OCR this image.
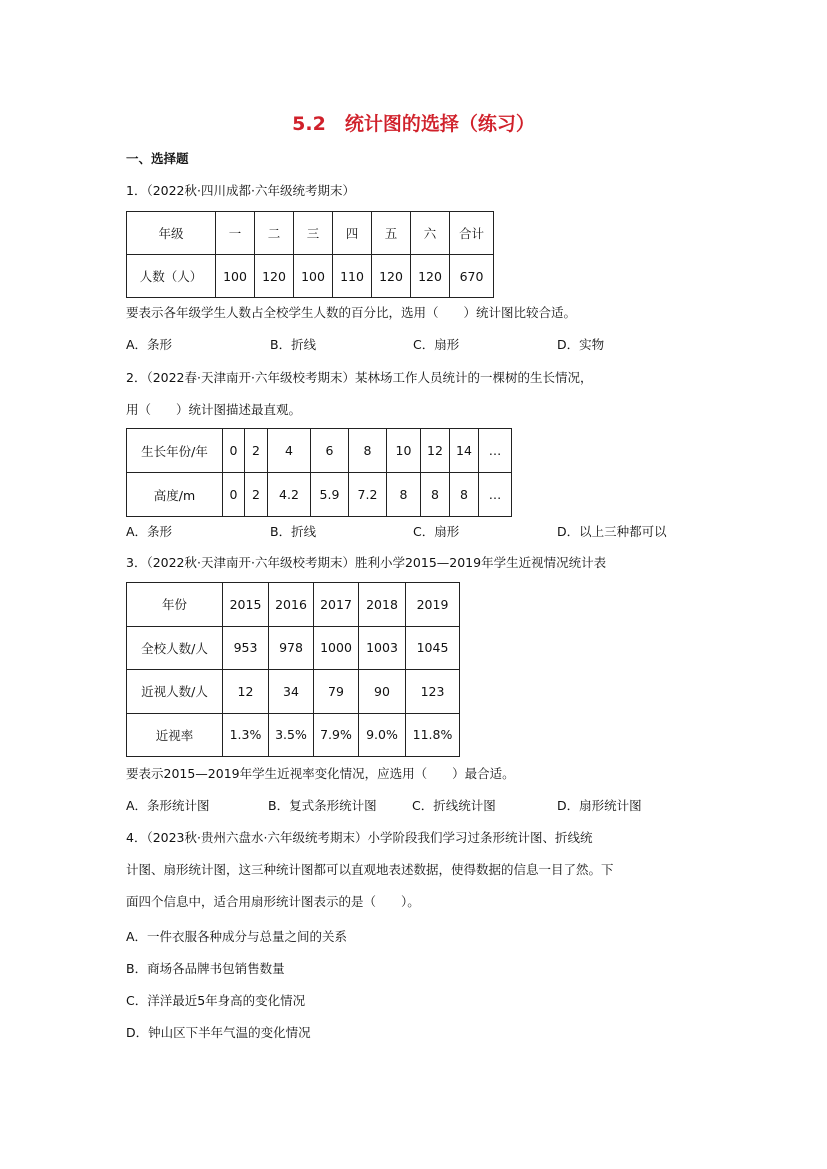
5.2　统计图的选择（练习）
一、选择题
1．（2022秋·四川成都·六年级统考期末）
年级	一	二	三	四	五	六	合计
人数（人）	100	120	100	110	120	120	670
要表示各年级学生人数占全校学生人数的百分比，选用（　　）统计图比较合适。
A．条形	B．折线	C．扇形	D．实物
2．（2022春·天津南开·六年级校考期末）某林场工作人员统计的一棵树的生长情况，
用（　　）统计图描述最直观。
生长年份/年	0	2	4	6	8	10	12	14	…
高度/m	0	2	4.2	5.9	7.2	8	8	8	…
A．条形	B．折线	C．扇形	D．以上三种都可以
3．（2022秋·天津南开·六年级校考期末）胜利小学2015—2019年学生近视情况统计表
年份	2015	2016	2017	2018	2019
全校人数/人	953	978	1000	1003	1045
近视人数/人	12	34	79	90	123
近视率	1.3%	3.5%	7.9%	9.0%	11.8%
要表示2015—2019年学生近视率变化情况，应选用（　　）最合适。
A．条形统计图	B．复式条形统计图	C．折线统计图	D．扇形统计图
4．（2023秋·贵州六盘水·六年级统考期末）小学阶段我们学习过条形统计图、折线统
计图、扇形统计图，这三种统计图都可以直观地表述数据，使得数据的信息一目了然。下
面四个信息中，适合用扇形统计图表示的是（　　）。
A．一件衣服各种成分与总量之间的关系
B．商场各品牌书包销售数量
C．洋洋最近5年身高的变化情况
D．钟山区下半年气温的变化情况
